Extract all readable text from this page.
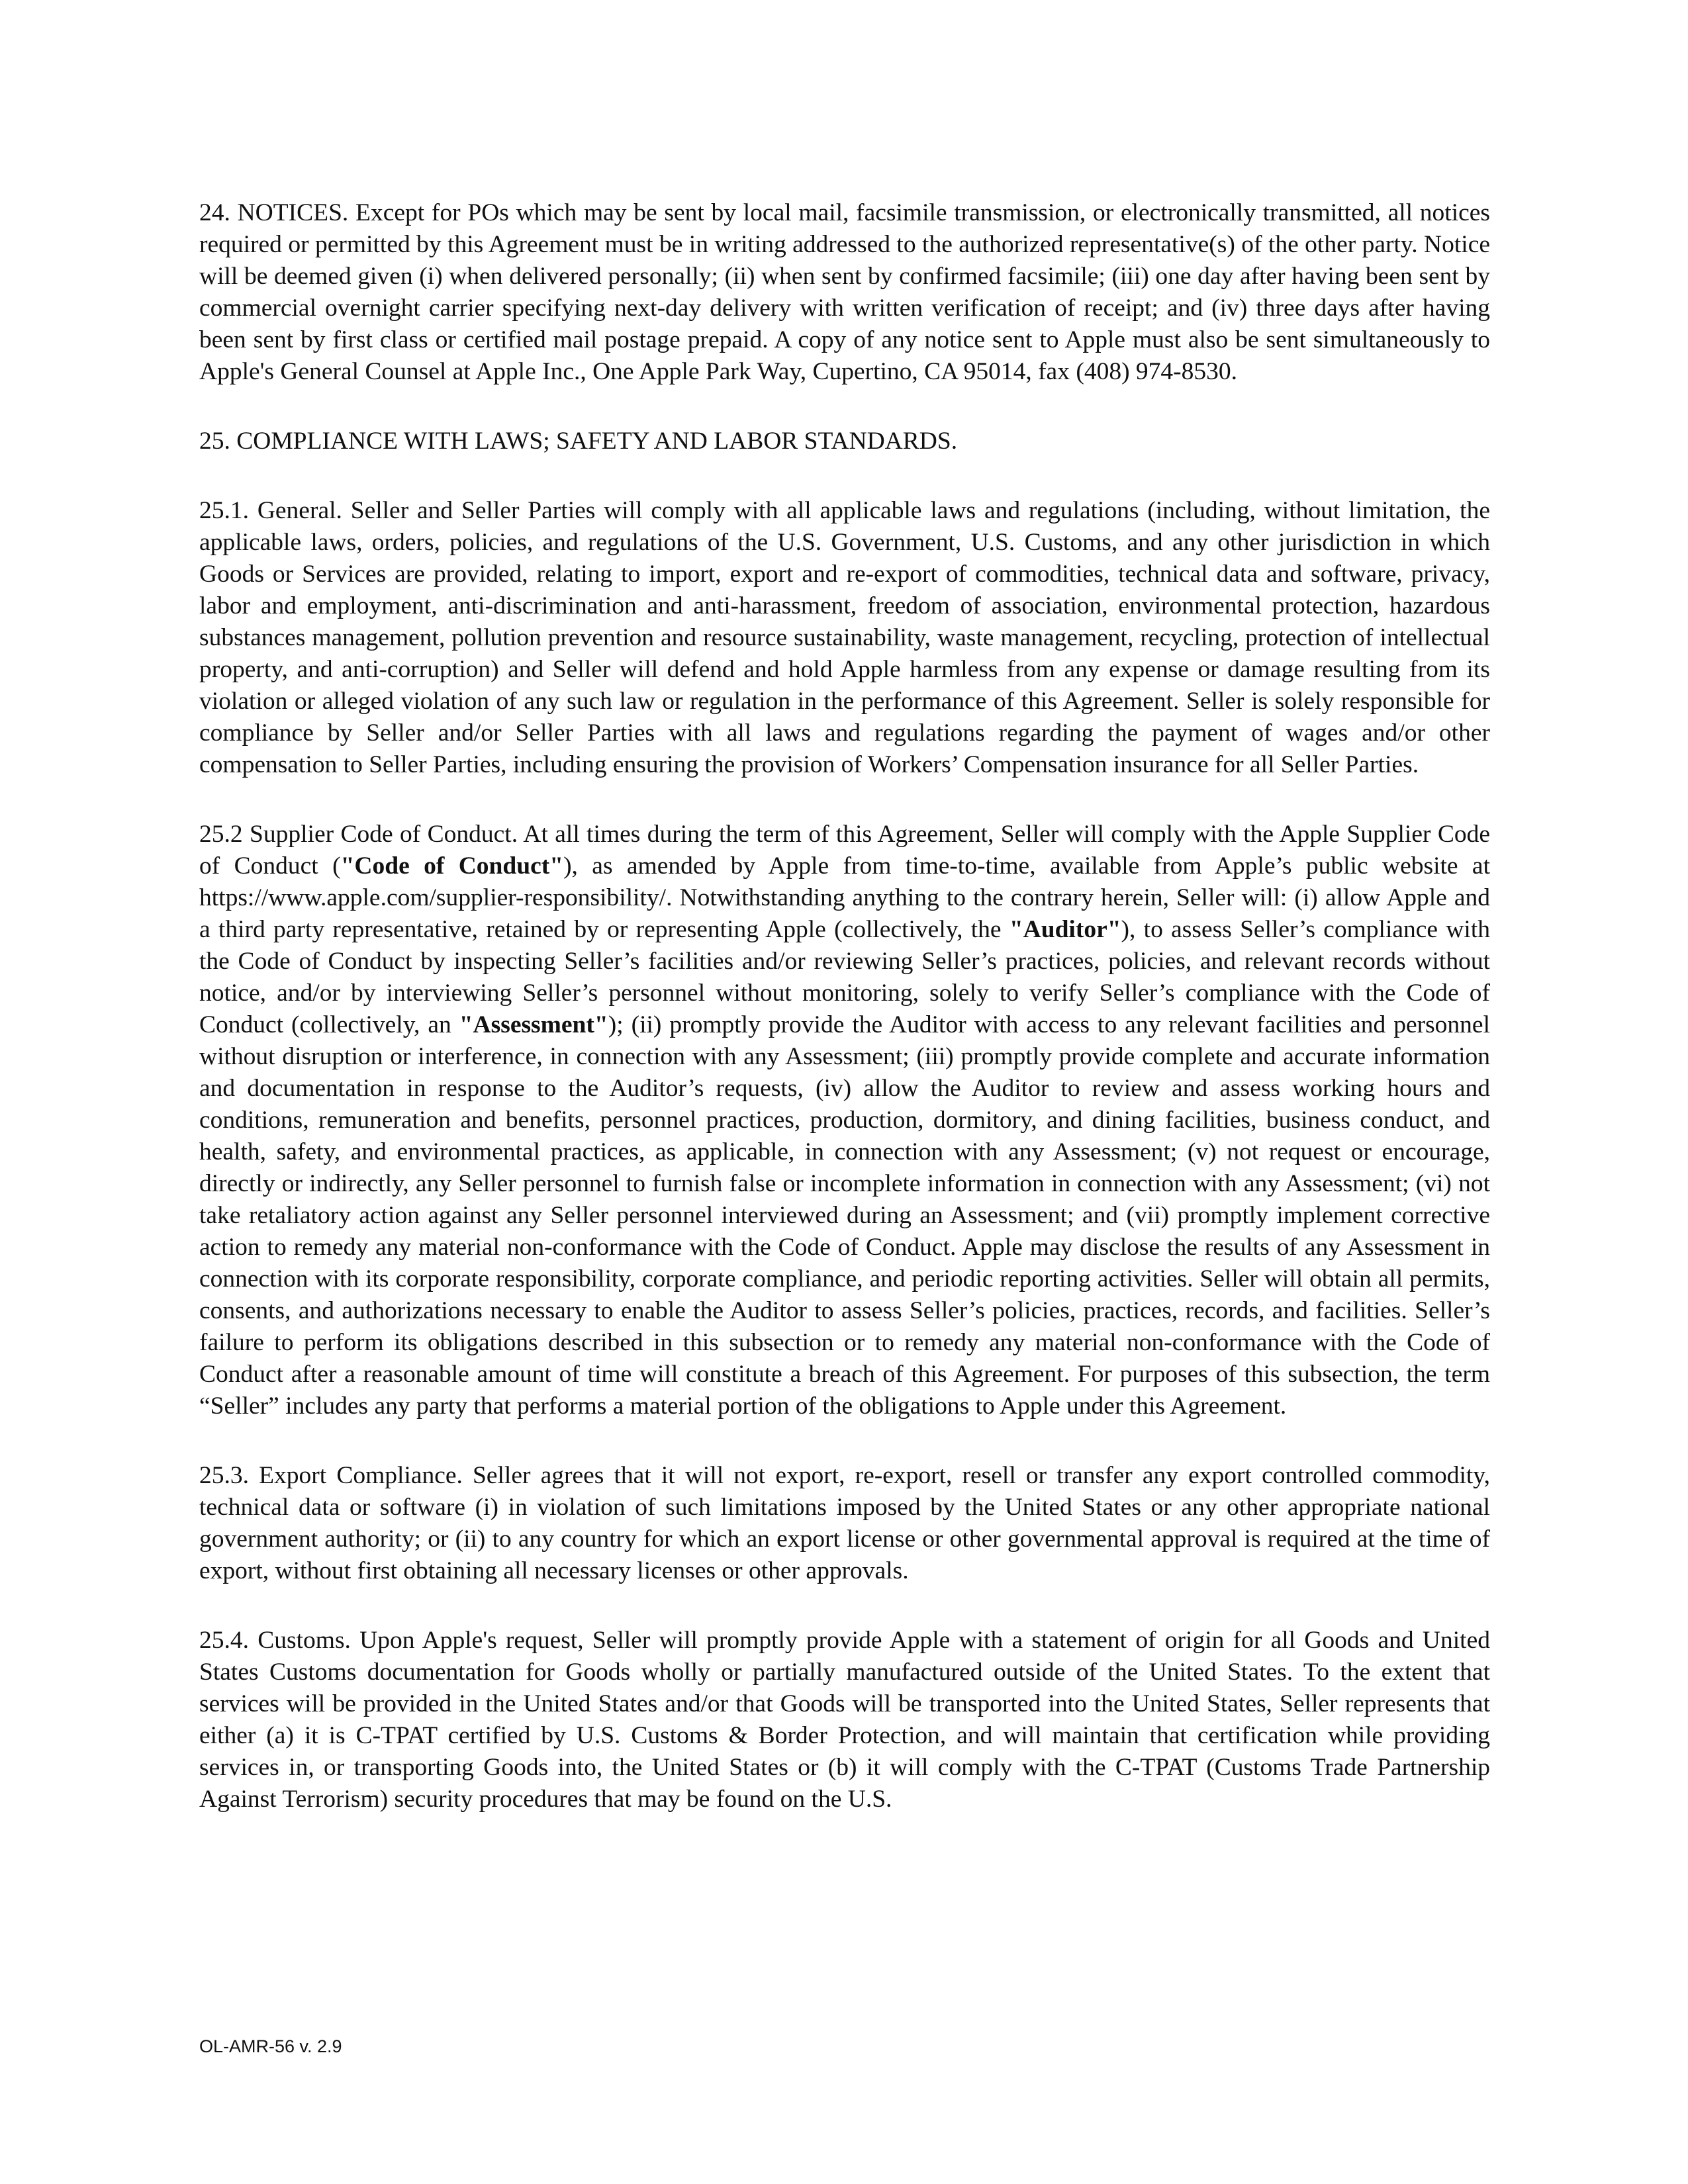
24. NOTICES. Except for POs which may be sent by local mail, facsimile transmission, or electronically transmitted, all notices required or permitted by this Agreement must be in writing addressed to the authorized representative(s) of the other party. Notice will be deemed given (i) when delivered personally; (ii) when sent by confirmed facsimile; (iii) one day after having been sent by commercial overnight carrier specifying next-day delivery with written verification of receipt; and (iv) three days after having been sent by first class or certified mail postage prepaid. A copy of any notice sent to Apple must also be sent simultaneously to Apple's General Counsel at Apple Inc., One Apple Park Way, Cupertino, CA 95014, fax (408) 974-8530.

25. COMPLIANCE WITH LAWS; SAFETY AND LABOR STANDARDS.

25.1. General. Seller and Seller Parties will comply with all applicable laws and regulations (including, without limitation, the applicable laws, orders, policies, and regulations of the U.S. Government, U.S. Customs, and any other jurisdiction in which Goods or Services are provided, relating to import, export and re-export of commodities, technical data and software, privacy, labor and employment, anti-discrimination and anti-harassment, freedom of association, environmental protection, hazardous substances management, pollution prevention and resource sustainability, waste management, recycling, protection of intellectual property, and anti-corruption) and Seller will defend and hold Apple harmless from any expense or damage resulting from its violation or alleged violation of any such law or regulation in the performance of this Agreement. Seller is solely responsible for compliance by Seller and/or Seller Parties with all laws and regulations regarding the payment of wages and/or other compensation to Seller Parties, including ensuring the provision of Workers’ Compensation insurance for all Seller Parties.

25.2 Supplier Code of Conduct. At all times during the term of this Agreement, Seller will comply with the Apple Supplier Code of Conduct ("Code of Conduct"), as amended by Apple from time-to-time, available from Apple’s public website at https://www.apple.com/supplier-responsibility/. Notwithstanding anything to the contrary herein, Seller will: (i) allow Apple and a third party representative, retained by or representing Apple (collectively, the "Auditor"), to assess Seller’s compliance with the Code of Conduct by inspecting Seller’s facilities and/or reviewing Seller’s practices, policies, and relevant records without notice, and/or by interviewing Seller’s personnel without monitoring, solely to verify Seller’s compliance with the Code of Conduct (collectively, an "Assessment"); (ii) promptly provide the Auditor with access to any relevant facilities and personnel without disruption or interference, in connection with any Assessment; (iii) promptly provide complete and accurate information and documentation in response to the Auditor’s requests, (iv) allow the Auditor to review and assess working hours and conditions, remuneration and benefits, personnel practices, production, dormitory, and dining facilities, business conduct, and health, safety, and environmental practices, as applicable, in connection with any Assessment; (v) not request or encourage, directly or indirectly, any Seller personnel to furnish false or incomplete information in connection with any Assessment; (vi) not take retaliatory action against any Seller personnel interviewed during an Assessment; and (vii) promptly implement corrective action to remedy any material non-conformance with the Code of Conduct. Apple may disclose the results of any Assessment in connection with its corporate responsibility, corporate compliance, and periodic reporting activities. Seller will obtain all permits, consents, and authorizations necessary to enable the Auditor to assess Seller’s policies, practices, records, and facilities. Seller’s failure to perform its obligations described in this subsection or to remedy any material non-conformance with the Code of Conduct after a reasonable amount of time will constitute a breach of this Agreement. For purposes of this subsection, the term “Seller” includes any party that performs a material portion of the obligations to Apple under this Agreement.

25.3. Export Compliance. Seller agrees that it will not export, re-export, resell or transfer any export controlled commodity, technical data or software (i) in violation of such limitations imposed by the United States or any other appropriate national government authority; or (ii) to any country for which an export license or other governmental approval is required at the time of export, without first obtaining all necessary licenses or other approvals.

25.4. Customs. Upon Apple's request, Seller will promptly provide Apple with a statement of origin for all Goods and United States Customs documentation for Goods wholly or partially manufactured outside of the United States. To the extent that services will be provided in the United States and/or that Goods will be transported into the United States, Seller represents that either (a) it is C-TPAT certified by U.S. Customs & Border Protection, and will maintain that certification while providing services in, or transporting Goods into, the United States or (b) it will comply with the C-TPAT (Customs Trade Partnership Against Terrorism) security procedures that may be found on the U.S.

OL-AMR-56 v. 2.9
